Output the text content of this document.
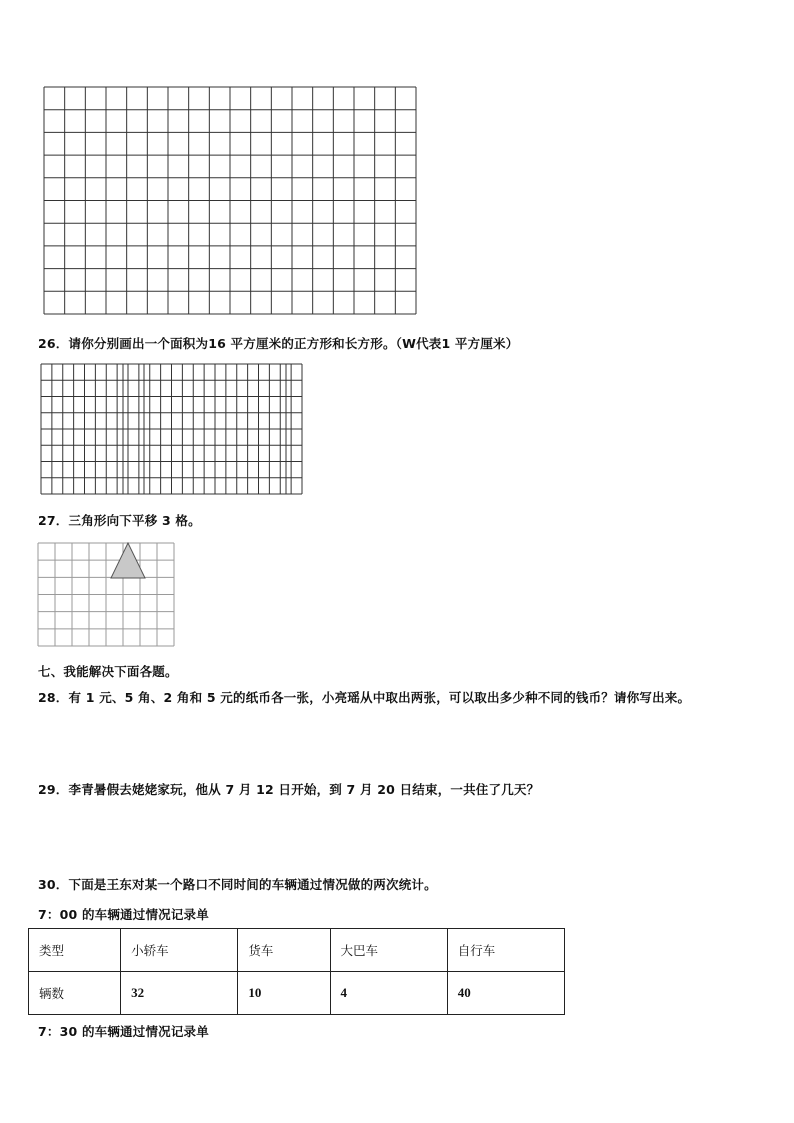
26．请你分别画出一个面积为16 平方厘米的正方形和长方形。（W代表1 平方厘米）
27．三角形向下平移 3 格。
七、我能解决下面各题。
28．有 1 元、5 角、2 角和 5 元的纸币各一张，小亮瑶从中取出两张，可以取出多少种不同的钱币？请你写出来。
29．李青暑假去姥姥家玩，他从 7 月 12 日开始，到 7 月 20 日结束，一共住了几天？
30．下面是王东对某一个路口不同时间的车辆通过情况做的两次统计。
7：00 的车辆通过情况记录单
类型	小轿车	货车	大巴车	自行车
辆数	32	10	4	40
7：30 的车辆通过情况记录单
